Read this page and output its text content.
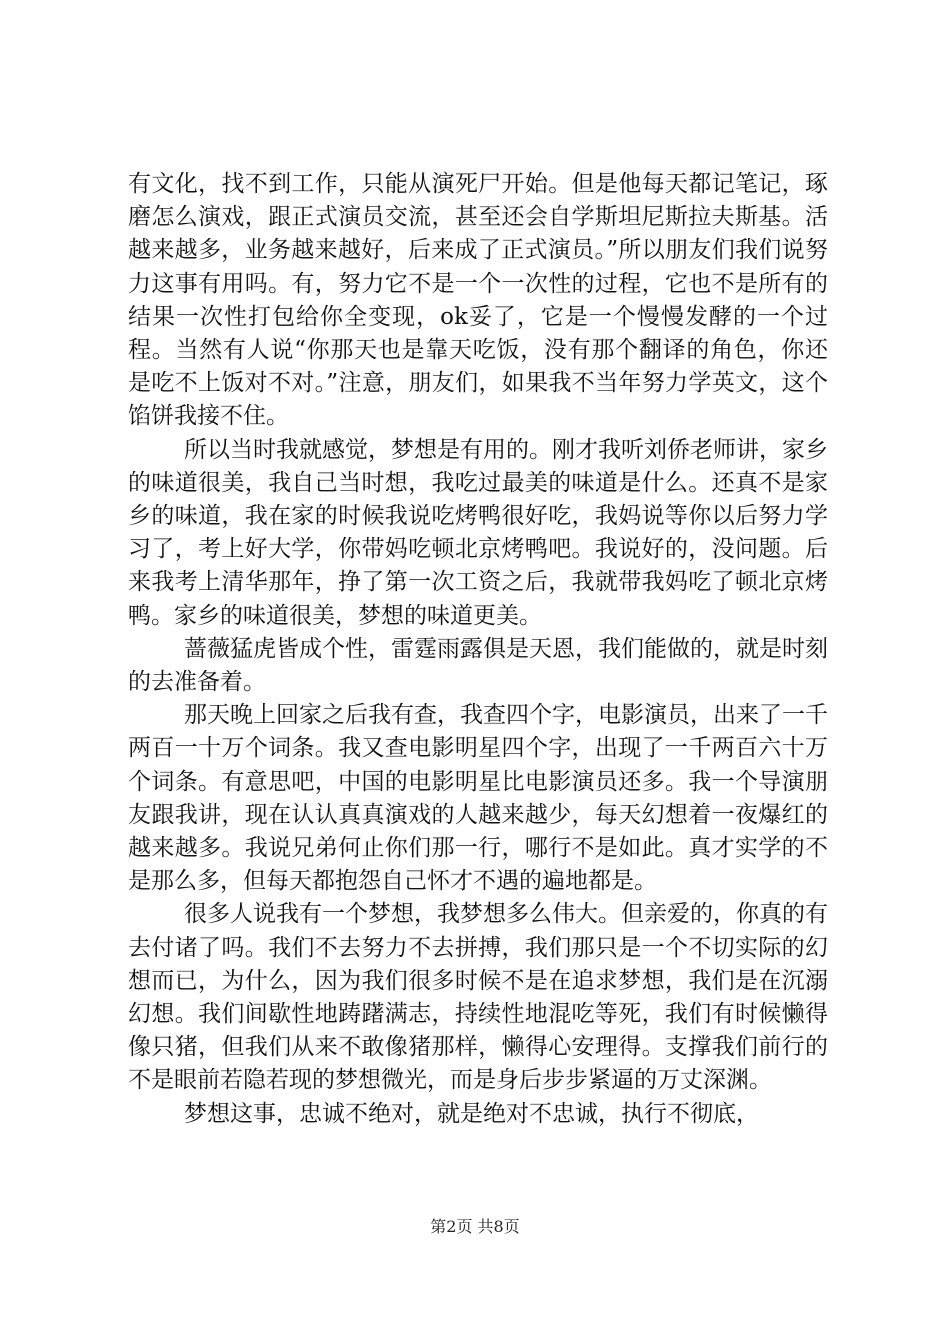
有文化，找不到工作，只能从演死尸开始。但是他每天都记笔记，琢磨怎么演戏，跟正式演员交流，甚至还会自学斯坦尼斯拉夫斯基。活越来越多，业务越来越好，后来成了正式演员。”所以朋友们我们说努力这事有用吗。有，努力它不是一个一次性的过程，它也不是所有的结果一次性打包给你全变现，ok妥了，它是一个慢慢发酵的一个过程。当然有人说“你那天也是靠天吃饭，没有那个翻译的角色，你还是吃不上饭对不对。”注意，朋友们，如果我不当年努力学英文，这个馅饼我接不住。

所以当时我就感觉，梦想是有用的。刚才我听刘侨老师讲，家乡的味道很美，我自己当时想，我吃过最美的味道是什么。还真不是家乡的味道，我在家的时候我说吃烤鸭很好吃，我妈说等你以后努力学习了，考上好大学，你带妈吃顿北京烤鸭吧。我说好的，没问题。后来我考上清华那年，挣了第一次工资之后，我就带我妈吃了顿北京烤鸭。家乡的味道很美，梦想的味道更美。

蔷薇猛虎皆成个性，雷霆雨露俱是天恩，我们能做的，就是时刻的去准备着。

那天晚上回家之后我有查，我查四个字，电影演员，出来了一千两百一十万个词条。我又查电影明星四个字，出现了一千两百六十万个词条。有意思吧，中国的电影明星比电影演员还多。我一个导演朋友跟我讲，现在认认真真演戏的人越来越少，每天幻想着一夜爆红的越来越多。我说兄弟何止你们那一行，哪行不是如此。真才实学的不是那么多，但每天都抱怨自己怀才不遇的遍地都是。

很多人说我有一个梦想，我梦想多么伟大。但亲爱的，你真的有去付诸了吗。我们不去努力不去拼搏，我们那只是一个不切实际的幻想而已，为什么，因为我们很多时候不是在追求梦想，我们是在沉溺幻想。我们间歇性地踌躇满志，持续性地混吃等死，我们有时候懒得像只猪，但我们从来不敢像猪那样，懒得心安理得。支撑我们前行的不是眼前若隐若现的梦想微光，而是身后步步紧逼的万丈深渊。

梦想这事，忠诚不绝对，就是绝对不忠诚，执行不彻底，

第2页 共8页
